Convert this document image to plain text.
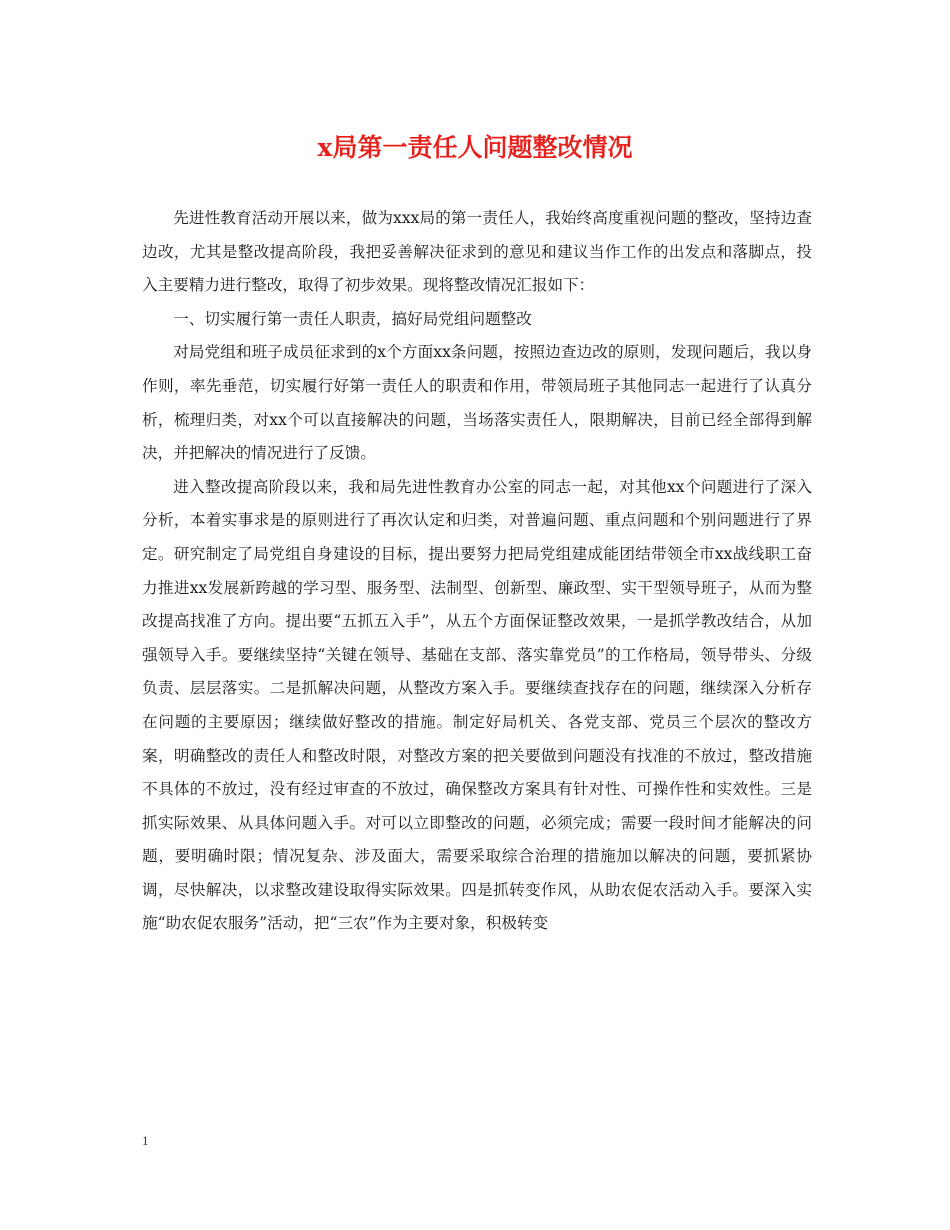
x局第一责任人问题整改情况

先进性教育活动开展以来，做为xxx局的第一责任人，我始终高度重视问题的整改，坚持边查边改，尤其是整改提高阶段，我把妥善解决征求到的意见和建议当作工作的出发点和落脚点，投入主要精力进行整改，取得了初步效果。现将整改情况汇报如下：

一、切实履行第一责任人职责，搞好局党组问题整改

对局党组和班子成员征求到的x个方面xx条问题，按照边查边改的原则，发现问题后，我以身作则，率先垂范，切实履行好第一责任人的职责和作用，带领局班子其他同志一起进行了认真分析，梳理归类，对xx个可以直接解决的问题，当场落实责任人，限期解决，目前已经全部得到解决，并把解决的情况进行了反馈。

进入整改提高阶段以来，我和局先进性教育办公室的同志一起，对其他xx个问题进行了深入分析，本着实事求是的原则进行了再次认定和归类，对普遍问题、重点问题和个别问题进行了界定。研究制定了局党组自身建设的目标，提出要努力把局党组建成能团结带领全市xx战线职工奋力推进xx发展新跨越的学习型、服务型、法制型、创新型、廉政型、实干型领导班子，从而为整改提高找准了方向。提出要“五抓五入手”，从五个方面保证整改效果，一是抓学教改结合，从加强领导入手。要继续坚持“关键在领导、基础在支部、落实靠党员”的工作格局，领导带头、分级负责、层层落实。二是抓解决问题，从整改方案入手。要继续查找存在的问题，继续深入分析存在问题的主要原因；继续做好整改的措施。制定好局机关、各党支部、党员三个层次的整改方案，明确整改的责任人和整改时限，对整改方案的把关要做到问题没有找准的不放过，整改措施不具体的不放过，没有经过审查的不放过，确保整改方案具有针对性、可操作性和实效性。三是抓实际效果、从具体问题入手。对可以立即整改的问题，必须完成；需要一段时间才能解决的问题，要明确时限；情况复杂、涉及面大，需要采取综合治理的措施加以解决的问题，要抓紧协调，尽快解决，以求整改建设取得实际效果。四是抓转变作风，从助农促农活动入手。要深入实施“助农促农服务”活动，把“三农”作为主要对象，积极转变

1
